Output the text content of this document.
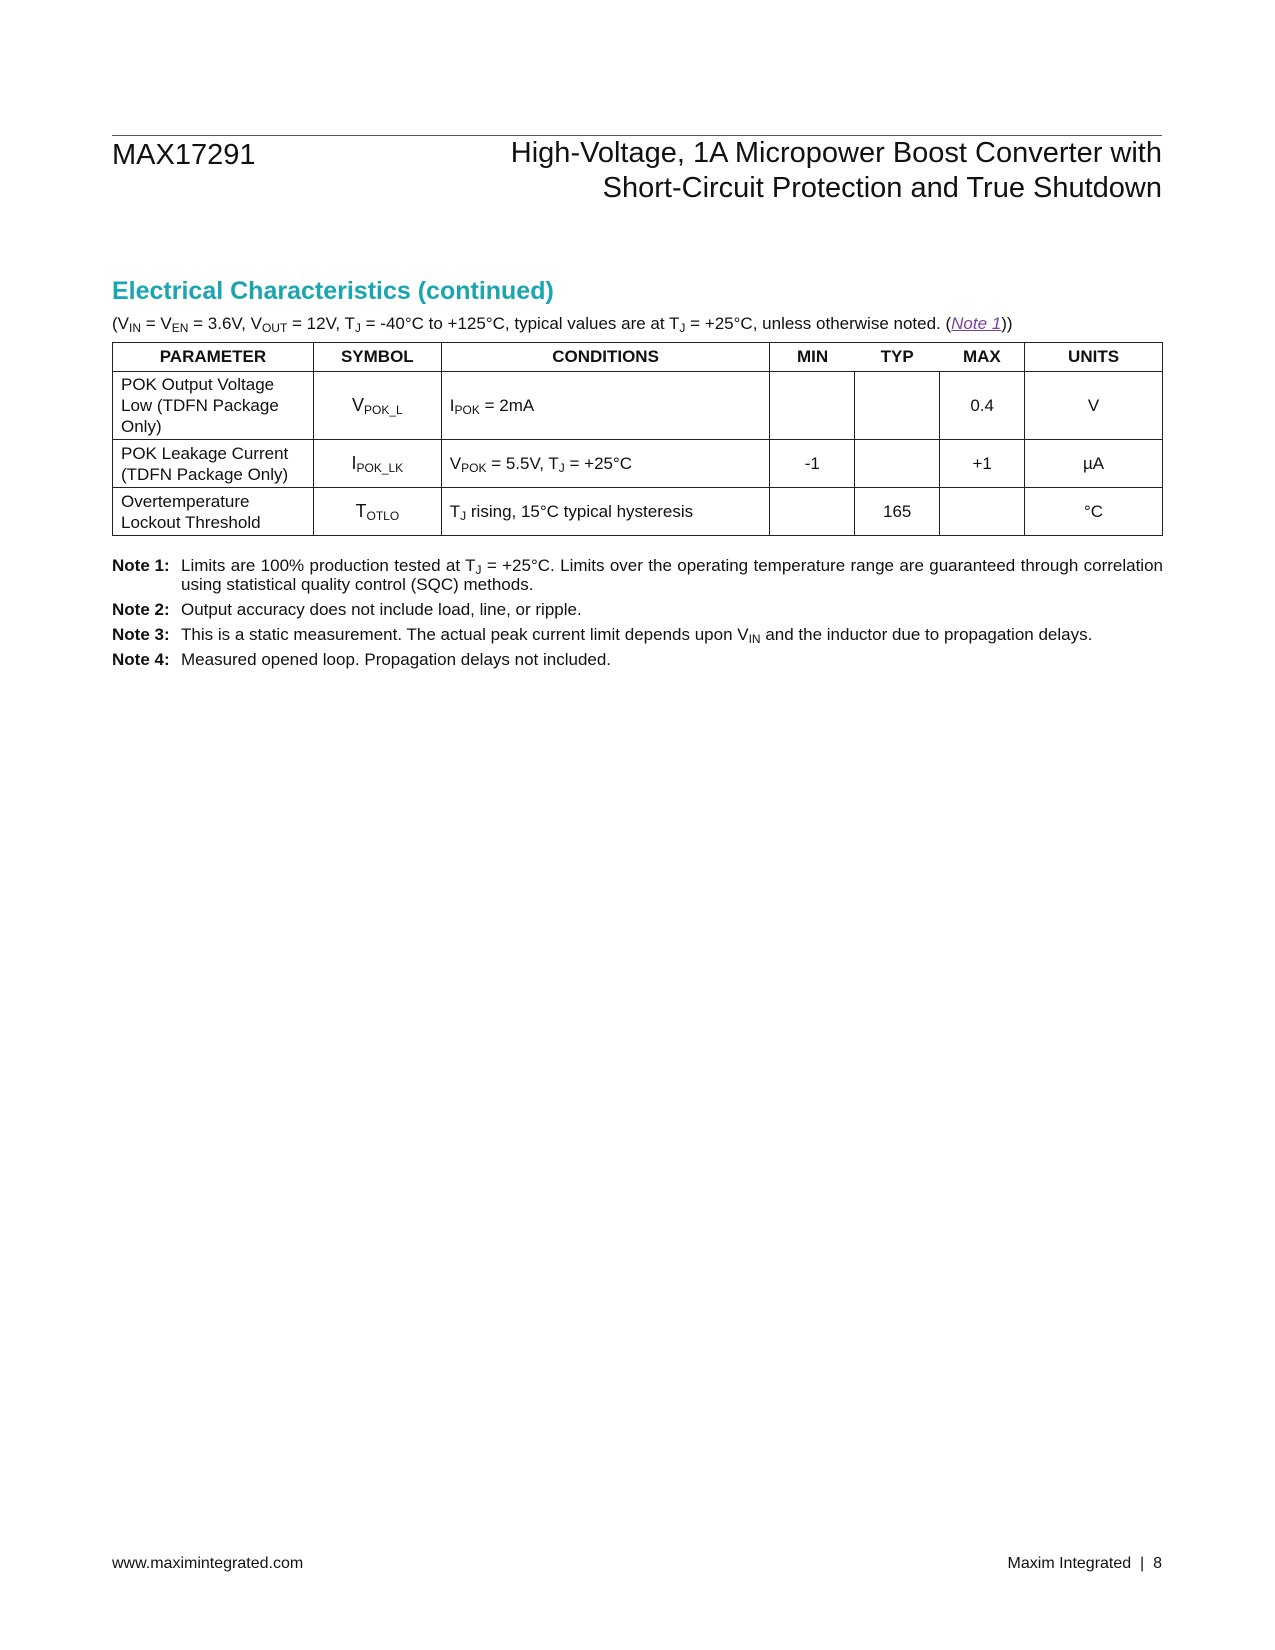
MAX17291	High-Voltage, 1A Micropower Boost Converter with
Short-Circuit Protection and True Shutdown
Electrical Characteristics (continued)
($V_{IN} = V_{EN} = 3.6V$, $V_{OUT} = 12V$, $T_J = -40^\circ C$ to +125°C, typical values are at $T_J = +25^\circ C$, unless otherwise noted. (Note 1))
PARAMETER	SYMBOL	CONDITIONS	MIN	TYP	MAX	UNITS
POK Output Voltage Low (TDFN Package Only)	$V_{POK\_L}$	$I_{POK} = 2mA$			0.4	V
POK Leakage Current (TDFN Package Only)	$I_{POK\_LK}$	$V_{POK} = 5.5V$, $T_J = +25^\circ C$	-1		+1	µA
Overtemperature Lockout Threshold	$T_{OTLO}$	$T_J$ rising, 15°C typical hysteresis		165		°C
Note 1: Limits are 100% production tested at $T_J = +25^\circ C$. Limits over the operating temperature range are guaranteed through correlation using statistical quality control (SQC) methods.
Note 2: Output accuracy does not include load, line, or ripple.
Note 3: This is a static measurement. The actual peak current limit depends upon $V_{IN}$ and the inductor due to propagation delays.
Note 4: Measured opened loop. Propagation delays not included.
www.maximintegrated.com	Maxim Integrated  |  8
